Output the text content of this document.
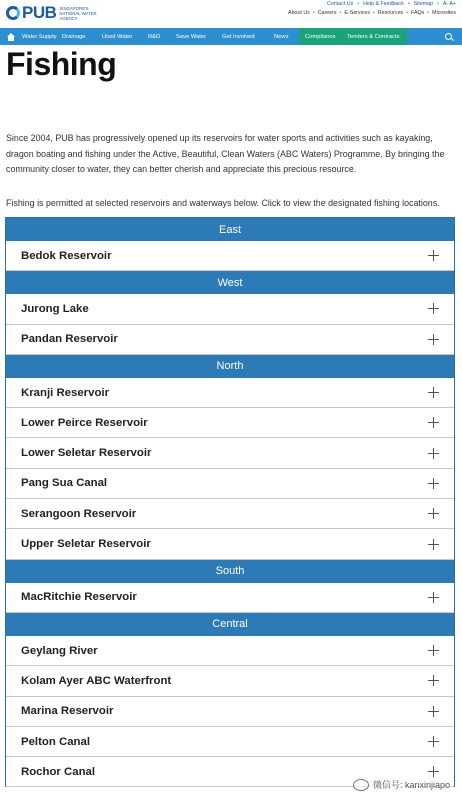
PUB SINGAPORE'S NATIONAL WATER AGENCY
Contact Us • Help & Feedback • Sitemap • A- A+
About Us • Careers • E-Services • Resources • FAQs • Microsites
Water Supply Drainage	Used Water	R&D	Save Water	Get Involved	News	Compliance	Tenders & Contracts
Fishing

Since 2004, PUB has progressively opened up its reservoirs for water sports and activities such as kayaking, dragon boating and fishing under the Active, Beautiful, Clean Waters (ABC Waters) Programme. By bringing the community closer to water, they can better cherish and appreciate this precious resource.

Fishing is permitted at selected reservoirs and waterways below. Click to view the designated fishing locations.

East
Bedok Reservoir
West
Jurong Lake
Pandan Reservoir
North
Kranji Reservoir
Lower Peirce Reservoir
Lower Seletar Reservoir
Pang Sua Canal
Serangoon Reservoir
Upper Seletar Reservoir
South
MacRitchie Reservoir
Central
Geylang River
Kolam Ayer ABC Waterfront
Marina Reservoir
Pelton Canal
Rochor Canal
微信号: kanxinjiapo
